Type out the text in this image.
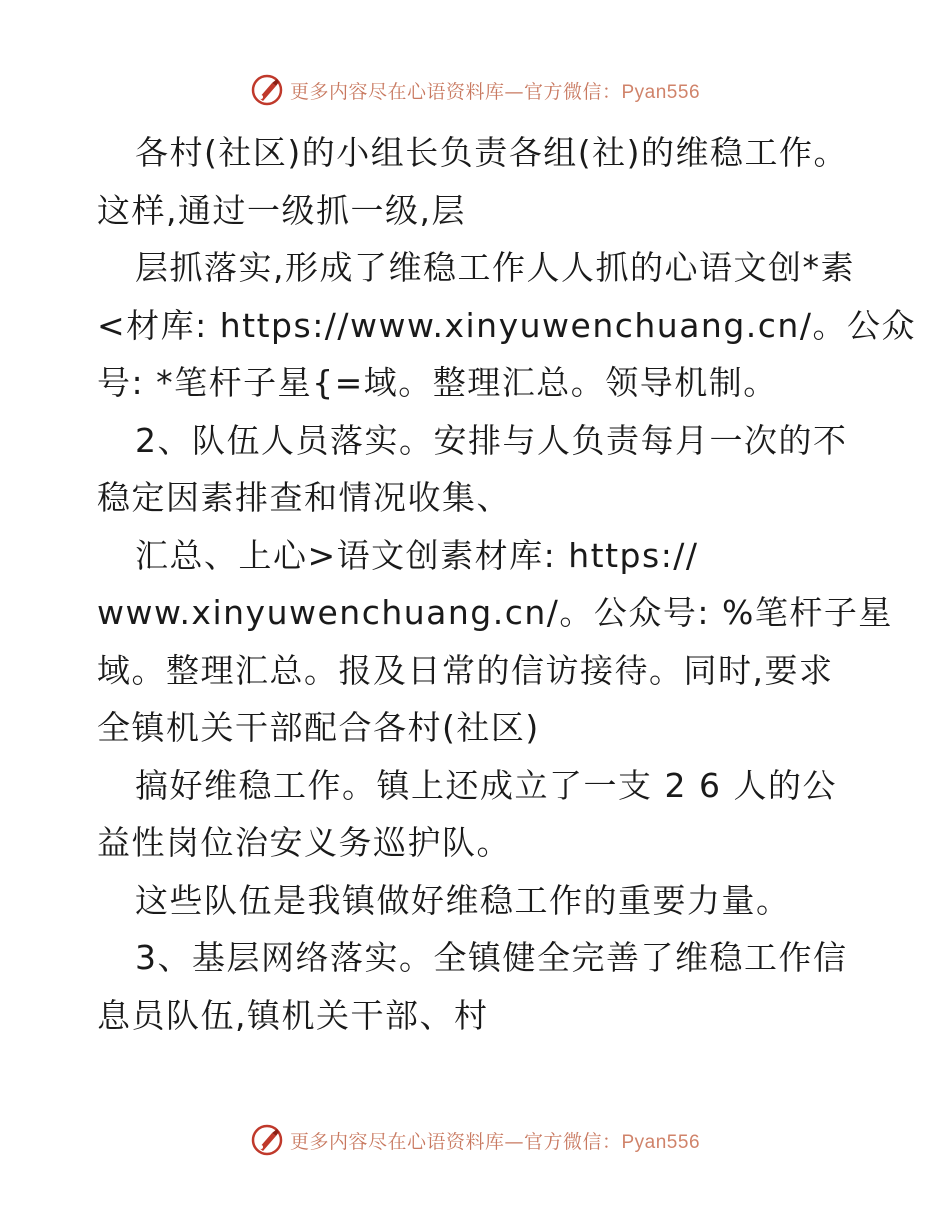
更多内容尽在心语资料库—官方微信：Pyan556
各村(社区)的小组长负责各组(社)的维稳工作。
这样,通过一级抓一级,层
层抓落实,形成了维稳工作人人抓的心语文创*素
<材库: https://www.xinyuwenchuang.cn/。公众
号: *笔杆子星{=域。整理汇总。领导机制。
2、队伍人员落实。安排与人负责每月一次的不
稳定因素排查和情况收集、
汇总、上心>语文创素材库: https://
www.xinyuwenchuang.cn/。公众号: %笔杆子星
域。整理汇总。报及日常的信访接待。同时,要求
全镇机关干部配合各村(社区)
搞好维稳工作。镇上还成立了一支 2 6 人的公
益性岗位治安义务巡护队。
这些队伍是我镇做好维稳工作的重要力量。
3、基层网络落实。全镇健全完善了维稳工作信
息员队伍,镇机关干部、村
更多内容尽在心语资料库—官方微信：Pyan556
